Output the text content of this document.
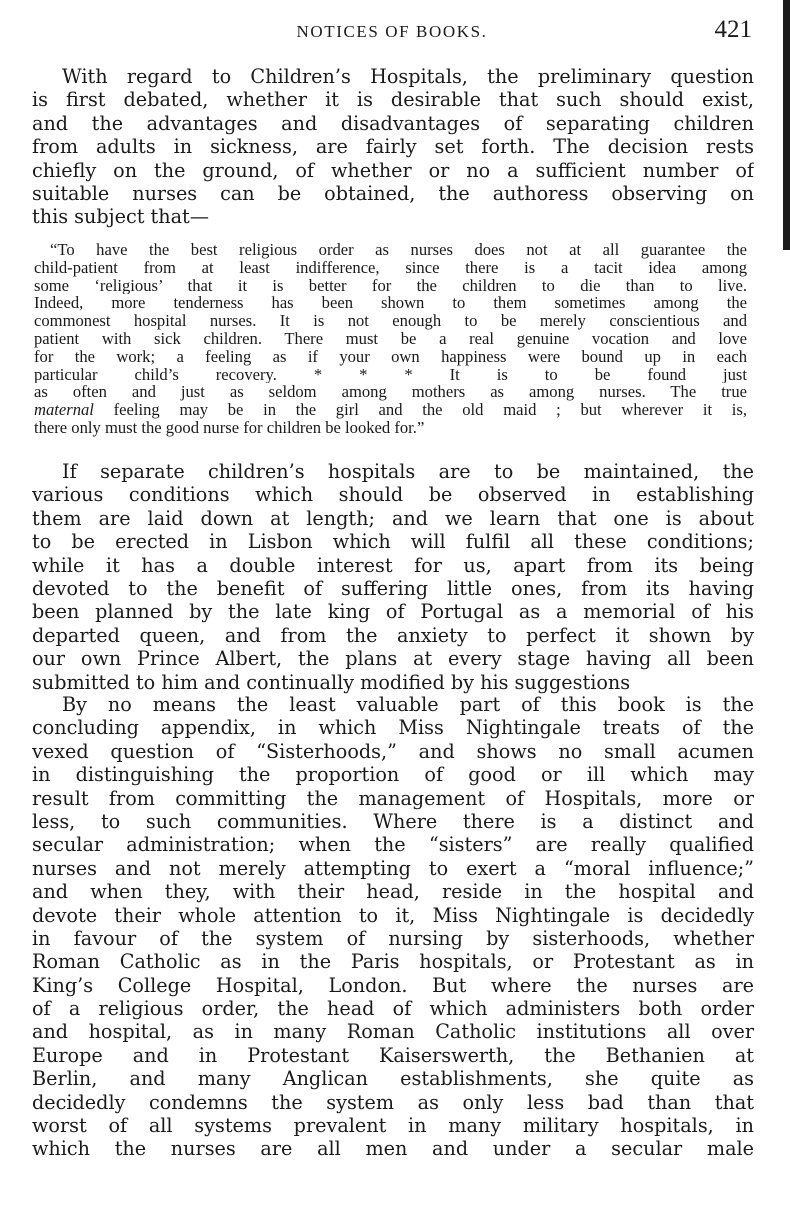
NOTICES OF BOOKS.	421
With regard to Children’s Hospitals, the preliminary question
is first debated, whether it is desirable that such should exist,
and the advantages and disadvantages of separating children
from adults in sickness, are fairly set forth. The decision rests
chiefly on the ground, of whether or no a sufficient number of
suitable nurses can be obtained, the authoress observing on
this subject that—
“To have the best religious order as nurses does not at all guarantee the
child-patient from at least indifference, since there is a tacit idea among
some ‘religious’ that it is better for the children to die than to live.
Indeed, more tenderness has been shown to them sometimes among the
commonest hospital nurses. It is not enough to be merely conscientious and
patient with sick children. There must be a real genuine vocation and love
for the work; a feeling as if your own happiness were bound up in each
particular child’s recovery. * * * It is to be found just
as often and just as seldom among mothers as among nurses. The true
maternal feeling may be in the girl and the old maid ; but wherever it is,
there only must the good nurse for children be looked for.”
If separate children’s hospitals are to be maintained, the
various conditions which should be observed in establishing
them are laid down at length; and we learn that one is about
to be erected in Lisbon which will fulfil all these conditions;
while it has a double interest for us, apart from its being
devoted to the benefit of suffering little ones, from its having
been planned by the late king of Portugal as a memorial of his
departed queen, and from the anxiety to perfect it shown by
our own Prince Albert, the plans at every stage having all been
submitted to him and continually modified by his suggestions
By no means the least valuable part of this book is the
concluding appendix, in which Miss Nightingale treats of the
vexed question of “Sisterhoods,” and shows no small acumen
in distinguishing the proportion of good or ill which may
result from committing the management of Hospitals, more or
less, to such communities. Where there is a distinct and
secular administration; when the “sisters” are really qualified
nurses and not merely attempting to exert a “moral influence;”
and when they, with their head, reside in the hospital and
devote their whole attention to it, Miss Nightingale is decidedly
in favour of the system of nursing by sisterhoods, whether
Roman Catholic as in the Paris hospitals, or Protestant as in
King’s College Hospital, London. But where the nurses are
of a religious order, the head of which administers both order
and hospital, as in many Roman Catholic institutions all over
Europe and in Protestant Kaiserswerth, the Bethanien at
Berlin, and many Anglican establishments, she quite as
decidedly condemns the system as only less bad than that
worst of all systems prevalent in many military hospitals, in
which the nurses are all men and under a secular male
